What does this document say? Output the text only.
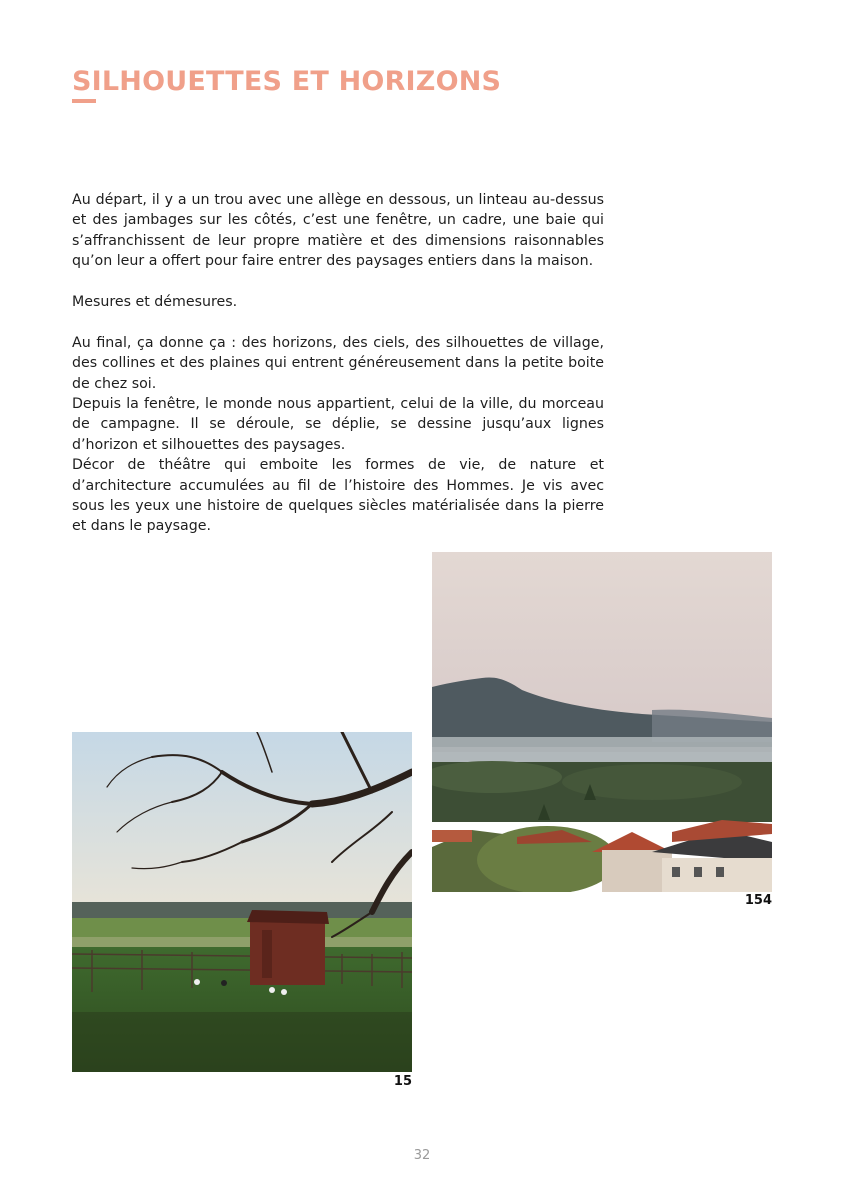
SILHOUETTES ET HORIZONS

Au départ, il y a un trou avec une allège en dessous, un linteau au-dessus et des jambages sur les côtés, c’est une fenêtre, un cadre, une baie qui s’affranchissent de leur propre matière et des dimensions raisonnables qu’on leur a offert pour faire entrer des paysages entiers dans la maison.

Mesures et démesures.

Au final, ça donne ça : des horizons, des ciels, des silhouettes de village, des collines et des plaines qui entrent généreusement dans la petite boite de chez soi.

Depuis la fenêtre, le monde nous appartient, celui de la ville, du morceau de campagne. Il se déroule, se déplie, se dessine jusqu’aux lignes d’horizon et silhouettes des paysages.

Décor de théâtre qui emboite les formes de vie, de nature et d’architecture accumulées au fil de l’histoire des Hommes. Je vis avec sous les yeux une histoire de quelques siècles matérialisée dans la pierre et dans le paysage.

15
154
32
